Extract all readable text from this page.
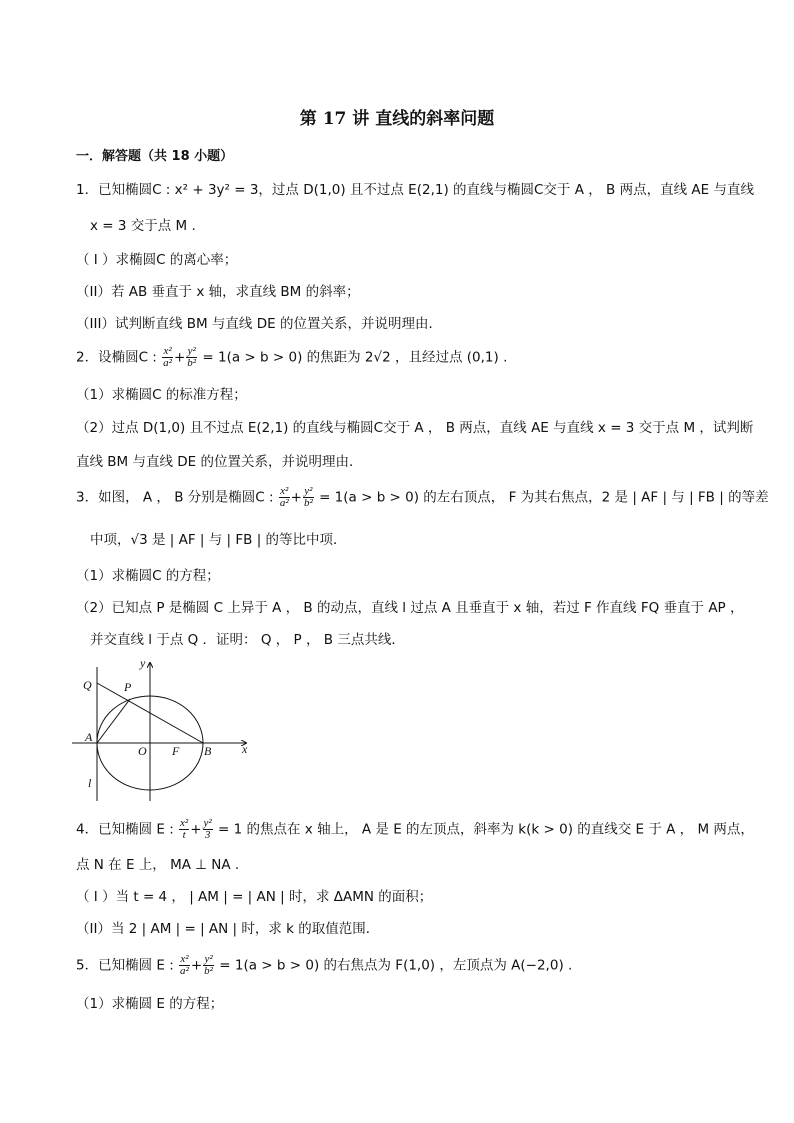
第 17 讲 直线的斜率问题
一．解答题（共 18 小题）
1．已知椭圆C : x² + 3y² = 3，过点 D(1,0) 且不过点 E(2,1) 的直线与椭圆C交于 A ， B 两点，直线 AE 与直线
x = 3 交于点 M .
（ I ）求椭圆C 的离心率；
（II）若 AB 垂直于 x 轴，求直线 BM 的斜率；
（III）试判断直线 BM 与直线 DE 的位置关系，并说明理由．
2．设椭圆C : $\frac{\text{x²}}{\text{a²}} + \frac{\text{y²}}{\text{b²}} = 1(a > b > 0)$ 的焦距为 2√2 ，且经过点 (0,1) .
（1）求椭圆C 的标准方程；
（2）过点 D(1,0) 且不过点 E(2,1) 的直线与椭圆C交于 A ， B 两点，直线 AE 与直线 x = 3 交于点 M ，试判断
直线 BM 与直线 DE 的位置关系，并说明理由．
3．如图， A ， B 分别是椭圆C : $\frac{\text{x²}}{\text{a²}} + \frac{\text{y²}}{\text{b²}} = 1(a > b > 0)$ 的左右顶点， F 为其右焦点，2 是 | AF | 与 | FB | 的等差
中项，√3 是 | AF | 与 | FB | 的等比中项．
（1）求椭圆C 的方程；
（2）已知点 P 是椭圆 C 上异于 A ， B 的动点，直线 l 过点 A 且垂直于 x 轴，若过 F 作直线 FQ 垂直于 AP ，
并交直线 l 于点 Q ．证明： Q ， P ， B 三点共线．
Q	P
A
O F B	x
y
l
4．已知椭圆 E : $\frac{\text{x²}}{t} + \frac{\text{y²}}{3} = 1$ 的焦点在 x 轴上， A 是 E 的左顶点，斜率为 k(k > 0) 的直线交 E 于 A ， M 两点，
点 N 在 E 上， MA ⊥ NA .
（ I ）当 t = 4 ， | AM | = | AN | 时，求 ΔAMN 的面积；
（II）当 2 | AM | = | AN | 时，求 k 的取值范围．
5．已知椭圆 E : $\frac{\text{x²}}{\text{a²}} + \frac{\text{y²}}{\text{b²}} = 1(a > b > 0)$ 的右焦点为 F(1,0) ，左顶点为 A(−2,0) .
（1）求椭圆 E 的方程；
